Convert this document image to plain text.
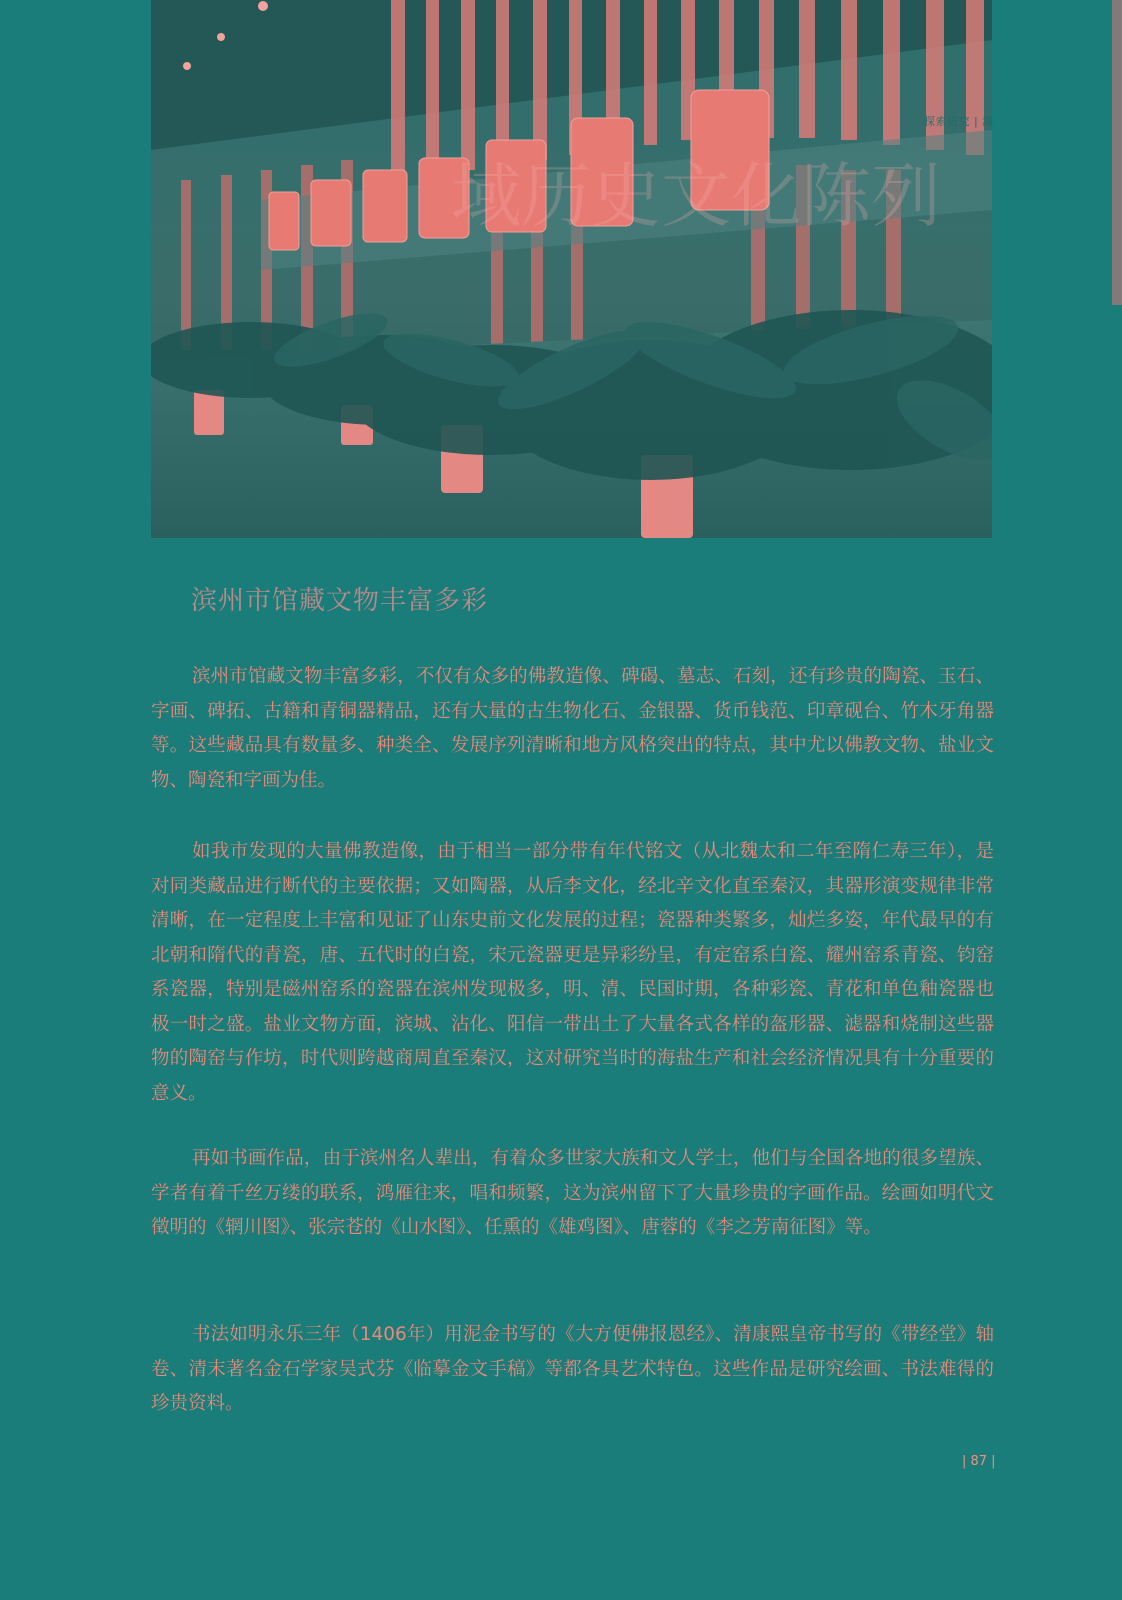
域历史文化陈列
探索研究 | 海
滨州市馆藏文物丰富多彩

滨州市馆藏文物丰富多彩，不仅有众多的佛教造像、碑碣、墓志、石刻，还有珍贵的陶瓷、玉石、字画、碑拓、古籍和青铜器精品，还有大量的古生物化石、金银器、货币钱范、印章砚台、竹木牙角器等。这些藏品具有数量多、种类全、发展序列清晰和地方风格突出的特点，其中尤以佛教文物、盐业文物、陶瓷和字画为佳。

如我市发现的大量佛教造像，由于相当一部分带有年代铭文（从北魏太和二年至隋仁寿三年），是对同类藏品进行断代的主要依据；又如陶器，从后李文化，经北辛文化直至秦汉，其器形演变规律非常清晰，在一定程度上丰富和见证了山东史前文化发展的过程；瓷器种类繁多，灿烂多姿，年代最早的有北朝和隋代的青瓷，唐、五代时的白瓷，宋元瓷器更是异彩纷呈，有定窑系白瓷、耀州窑系青瓷、钧窑系瓷器，特别是磁州窑系的瓷器在滨州发现极多，明、清、民国时期，各种彩瓷、青花和单色釉瓷器也极一时之盛。盐业文物方面，滨城、沾化、阳信一带出土了大量各式各样的盔形器、滤器和烧制这些器物的陶窑与作坊，时代则跨越商周直至秦汉，这对研究当时的海盐生产和社会经济情况具有十分重要的意义。

再如书画作品，由于滨州名人辈出，有着众多世家大族和文人学士，他们与全国各地的很多望族、学者有着千丝万缕的联系，鸿雁往来，唱和频繁，这为滨州留下了大量珍贵的字画作品。绘画如明代文徵明的《辋川图》、张宗苍的《山水图》、任熏的《雄鸡图》、唐蓉的《李之芳南征图》等。

书法如明永乐三年（1406年）用泥金书写的《大方便佛报恩经》、清康熙皇帝书写的《带经堂》轴卷、清末著名金石学家吴式芬《临摹金文手稿》等都各具艺术特色。这些作品是研究绘画、书法难得的珍贵资料。

| 87 |
